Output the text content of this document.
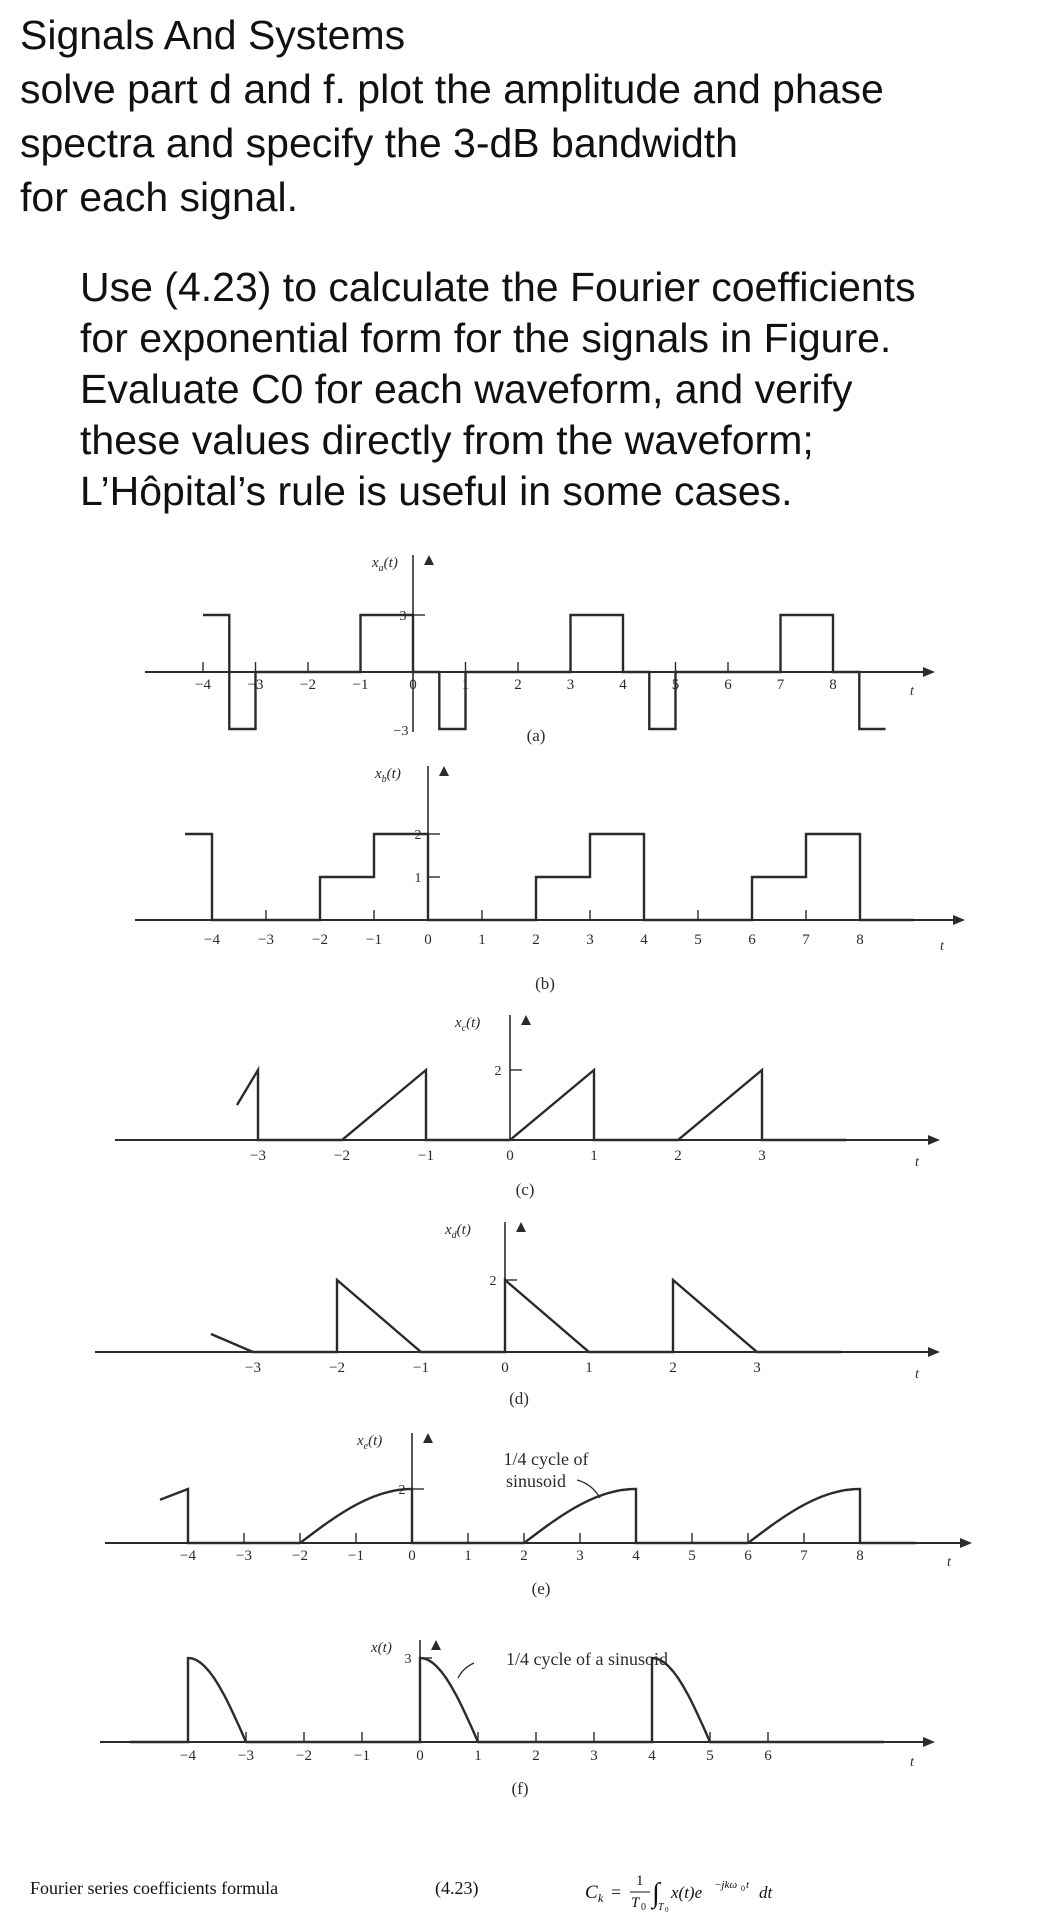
Signals And Systems
solve part d and f. plot the amplitude and phase
spectra and specify the 3-dB bandwidth
for each signal.
Use (4.23) to calculate the Fourier coefficients
for exponential form for the signals in Figure.
Evaluate C0 for each waveform, and verify
these values directly from the waveform;
L’Hôpital’s rule is useful in some cases.
t
$x_a(t)$
(a)
t
$x_b(t)$
(b)
t
$x_c(t)$
(c)
t
$x_d(t)$
(d)
t
$x_e(t)$
(e)
t
x(t)
(f)
−4 −3 −2 −1	0	1	2	3	4	5	6	7	8
−4	−3	−2	−1	0	1	2	3	4	5	6	7	8
−3	−2	−1	0	1	2	3
−3	−2	−1	0	1	2	3
−4	−3	−2	−1	0	1	2	3	4	5	6	7	8
−4	−3	−2	−1	0	1	2	3	4	5	6
3
−3
2
1
2
2
2
3
1/4 cycle of
sinusoid
1/4 cycle of a sinusoid
Fourier series coefficients formula	(4.23)	C k =
1
T 0 ∫
T 0
x(t)e −jkω 0 t dt
